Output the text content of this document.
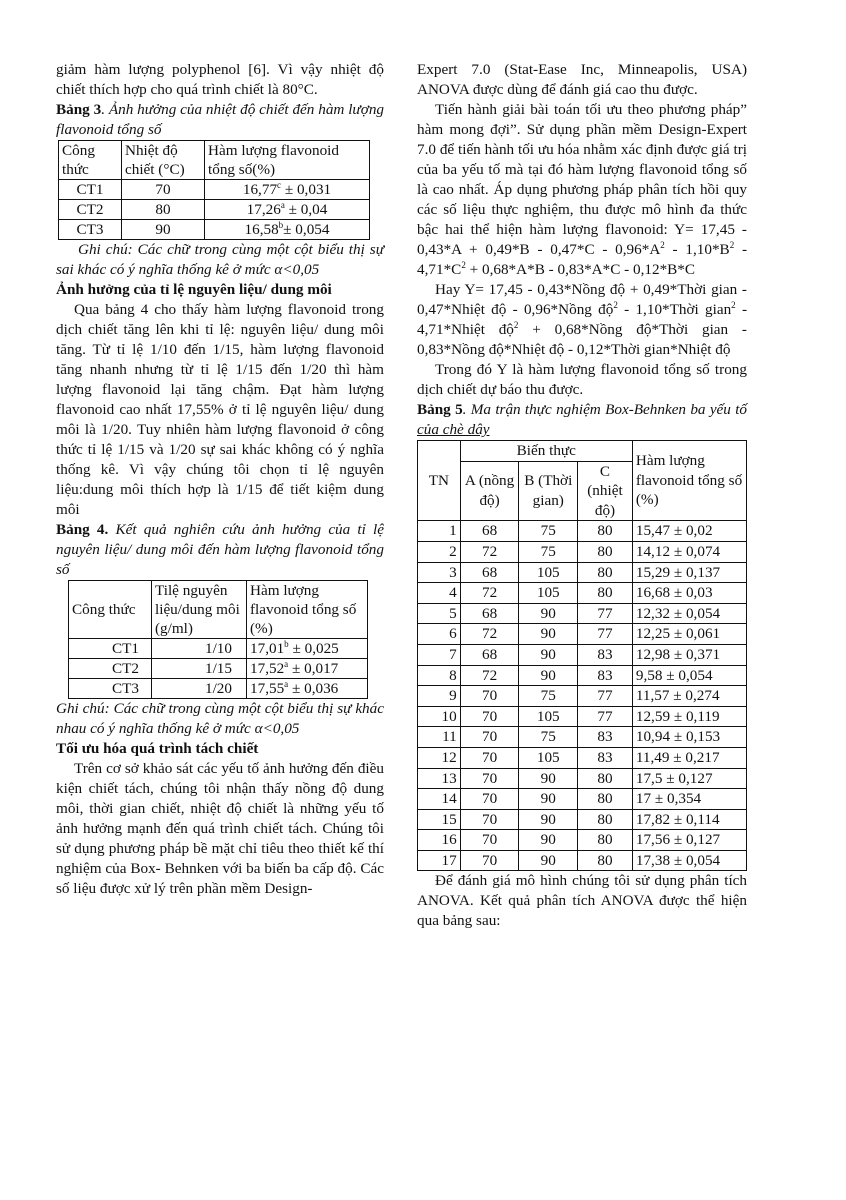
giảm hàm lượng polyphenol [6]. Vì vậy nhiệt độ chiết thích hợp cho quá trình chiết là 80°C.

Bảng 3. Ảnh hưởng của nhiệt độ chiết đến hàm lượng flavonoid tổng số

Công thức	Nhiệt độ chiết (°C)	Hàm lượng flavonoid tổng số(%)
CT1	70	16,77$^c$ ± 0,031
CT2	80	17,26$^a$ ± 0,04
CT3	90	16,58$^b$± 0,054

Ghi chú: Các chữ trong cùng một cột biểu thị sự sai khác có ý nghĩa thống kê ở mức α<0,05

Ảnh hưởng của tỉ lệ nguyên liệu/ dung môi

Qua bảng 4 cho thấy hàm lượng flavonoid trong dịch chiết tăng lên khi tỉ lệ: nguyên liệu/ dung môi tăng. Từ tỉ lệ 1/10 đến 1/15, hàm lượng flavonoid tăng nhanh nhưng từ tỉ lệ 1/15 đến 1/20 thì hàm lượng flavonoid lại tăng chậm. Đạt hàm lượng flavonoid cao nhất 17,55% ở tỉ lệ nguyên liệu/ dung môi là 1/20. Tuy nhiên hàm lượng flavonoid ở công thức tỉ lệ 1/15 và 1/20 sự sai khác không có ý nghĩa thống kê. Vì vậy chúng tôi chọn tỉ lệ nguyên liệu:dung môi thích hợp là 1/15 để tiết kiệm dung môi

Bảng 4. Kết quả nghiên cứu ảnh hưởng của tỉ lệ nguyên liệu/ dung môi đến hàm lượng flavonoid tổng số

Công thức	Tilệ nguyên liệu/dung môi (g/ml)	Hàm lượng flavonoid tổng số (%)
CT1	1/10	17,01$^b$ ± 0,025
CT2	1/15	17,52$^a$ ± 0,017
CT3	1/20	17,55$^a$ ± 0,036

Ghi chú: Các chữ trong cùng một cột biểu thị sự khác nhau có ý nghĩa thống kê ở mức α<0,05

Tối ưu hóa quá trình tách chiết

Trên cơ sở khảo sát các yếu tố ảnh hưởng đến điều kiện chiết tách, chúng tôi nhận thấy nồng độ dung môi, thời gian chiết, nhiệt độ chiết là những yếu tố ảnh hưởng mạnh đến quá trình chiết tách. Chúng tôi sử dụng phương pháp bề mặt chỉ tiêu theo thiết kế thí nghiệm của Box- Behnken với ba biến ba cấp độ. Các số liệu được xử lý trên phần mềm Design-

Expert 7.0 (Stat-Ease Inc, Minneapolis, USA) ANOVA được dùng để đánh giá cao thu được.

Tiến hành giải bài toán tối ưu theo phương pháp” hàm mong đợi”. Sử dụng phần mềm Design-Expert 7.0 để tiến hành tối ưu hóa nhằm xác định được giá trị của ba yếu tố mà tại đó hàm lượng flavonoid tổng số là cao nhất. Áp dụng phương pháp phân tích hồi quy các số liệu thực nghiệm, thu được mô hình đa thức bậc hai thể hiện hàm lượng flavonoid: $Y= 17,45 - 0,43*A + 0,49*B - 0,47*C - 0,96*A^2 - 1,10*B^2 - 4,71*C^2 + 0,68*A*B - 0,83*A*C - 0,12*B*C$

Hay Y= 17,45 - 0,43*Nồng độ + 0,49*Thời gian - 0,47*Nhiệt độ - 0,96*Nồng độ$^2$ - 1,10*Thời gian$^2$ - 4,71*Nhiệt độ$^2$ + 0,68*Nồng độ*Thời gian - 0,83*Nồng độ*Nhiệt độ - 0,12*Thời gian*Nhiệt độ

Trong đó Y là hàm lượng flavonoid tổng số trong dịch chiết dự báo thu được.

Bảng 5. Ma trận thực nghiệm Box-Behnken ba yếu tố của chè dây

TN	Biến thực			Hàm lượng flavonoid tổng số (%)
	A (nồng độ)	B (Thời gian)	C (nhiệt độ)	
1	68	75	80	15,47 ± 0,02
2	72	75	80	14,12 ± 0,074
3	68	105	80	15,29 ± 0,137
4	72	105	80	16,68 ± 0,03
5	68	90	77	12,32 ± 0,054
6	72	90	77	12,25 ± 0,061
7	68	90	83	12,98 ± 0,371
8	72	90	83	9,58 ± 0,054
9	70	75	77	11,57 ± 0,274
10	70	105	77	12,59 ± 0,119
11	70	75	83	10,94 ± 0,153
12	70	105	83	11,49 ± 0,217
13	70	90	80	17,5 ± 0,127
14	70	90	80	17 ± 0,354
15	70	90	80	17,82 ± 0,114
16	70	90	80	17,56 ± 0,127
17	70	90	80	17,38 ± 0,054

Để đánh giá mô hình chúng tôi sử dụng phân tích ANOVA. Kết quả phân tích ANOVA được thể hiện qua bảng sau:
